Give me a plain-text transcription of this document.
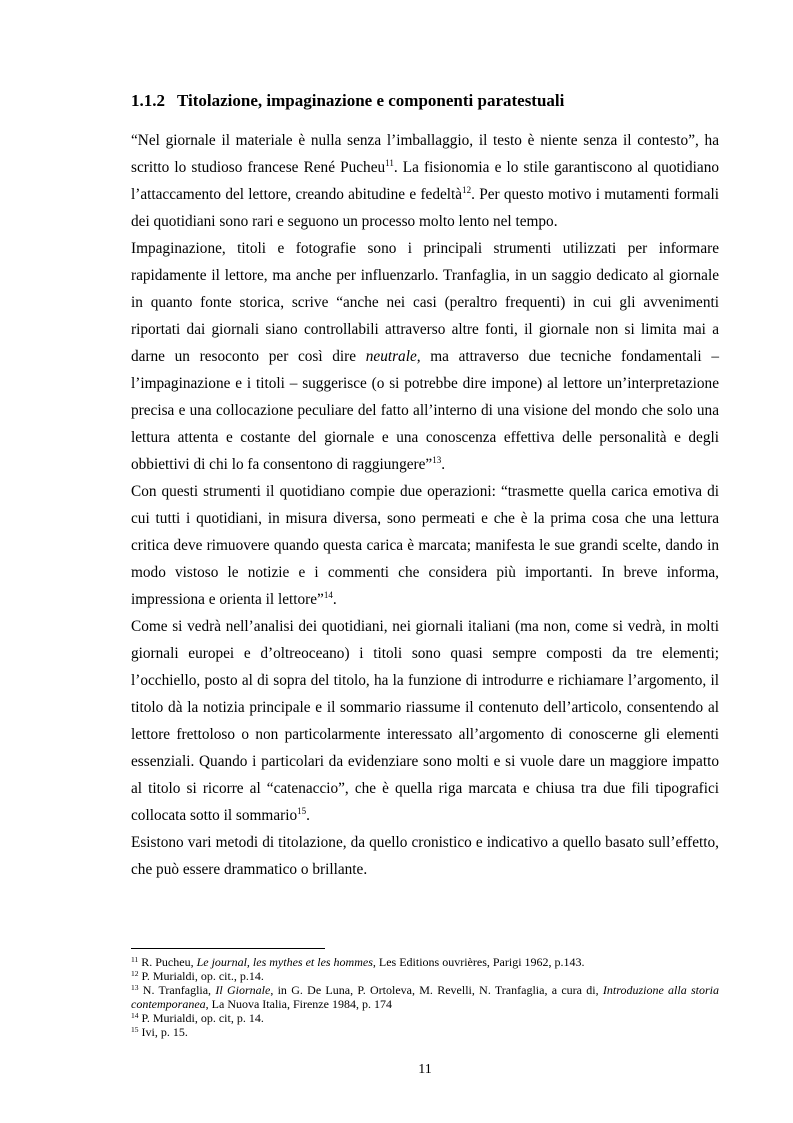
1.1.2 Titolazione, impaginazione e componenti paratestuali

“Nel giornale il materiale è nulla senza l’imballaggio, il testo è niente senza il contesto”, ha scritto lo studioso francese René Pucheu$^{11}$. La fisionomia e lo stile garantiscono al quotidiano l’attaccamento del lettore, creando abitudine e fedeltà$^{12}$. Per questo motivo i mutamenti formali dei quotidiani sono rari e seguono un processo molto lento nel tempo.

Impaginazione, titoli e fotografie sono i principali strumenti utilizzati per informare rapidamente il lettore, ma anche per influenzarlo. Tranfaglia, in un saggio dedicato al giornale in quanto fonte storica, scrive “anche nei casi (peraltro frequenti) in cui gli avvenimenti riportati dai giornali siano controllabili attraverso altre fonti, il giornale non si limita mai a darne un resoconto per così dire neutrale, ma attraverso due tecniche fondamentali – l’impaginazione e i titoli – suggerisce (o si potrebbe dire impone) al lettore un’interpretazione precisa e una collocazione peculiare del fatto all’interno di una visione del mondo che solo una lettura attenta e costante del giornale e una conoscenza effettiva delle personalità e degli obbiettivi di chi lo fa consentono di raggiungere”$^{13}$.

Con questi strumenti il quotidiano compie due operazioni: “trasmette quella carica emotiva di cui tutti i quotidiani, in misura diversa, sono permeati e che è la prima cosa che una lettura critica deve rimuovere quando questa carica è marcata; manifesta le sue grandi scelte, dando in modo vistoso le notizie e i commenti che considera più importanti. In breve informa, impressiona e orienta il lettore”$^{14}$.

Come si vedrà nell’analisi dei quotidiani, nei giornali italiani (ma non, come si vedrà, in molti giornali europei e d’oltreoceano) i titoli sono quasi sempre composti da tre elementi; l’occhiello, posto al di sopra del titolo, ha la funzione di introdurre e richiamare l’argomento, il titolo dà la notizia principale e il sommario riassume il contenuto dell’articolo, consentendo al lettore frettoloso o non particolarmente interessato all’argomento di conoscerne gli elementi essenziali. Quando i particolari da evidenziare sono molti e si vuole dare un maggiore impatto al titolo si ricorre al “catenaccio”, che è quella riga marcata e chiusa tra due fili tipografici collocata sotto il sommario$^{15}$.

Esistono vari metodi di titolazione, da quello cronistico e indicativo a quello basato sull’effetto, che può essere drammatico o brillante.

$^{11}$ R. Pucheu, Le journal, les mythes et les hommes, Les Editions ouvrières, Parigi 1962, p.143.

$^{12}$ P. Murialdi, op. cit., p.14.

$^{13}$ N. Tranfaglia, Il Giornale, in G. De Luna, P. Ortoleva, M. Revelli, N. Tranfaglia, a cura di, Introduzione alla storia contemporanea, La Nuova Italia, Firenze 1984, p. 174

$^{14}$ P. Murialdi, op. cit, p. 14.

$^{15}$ Ivi, p. 15.

11
